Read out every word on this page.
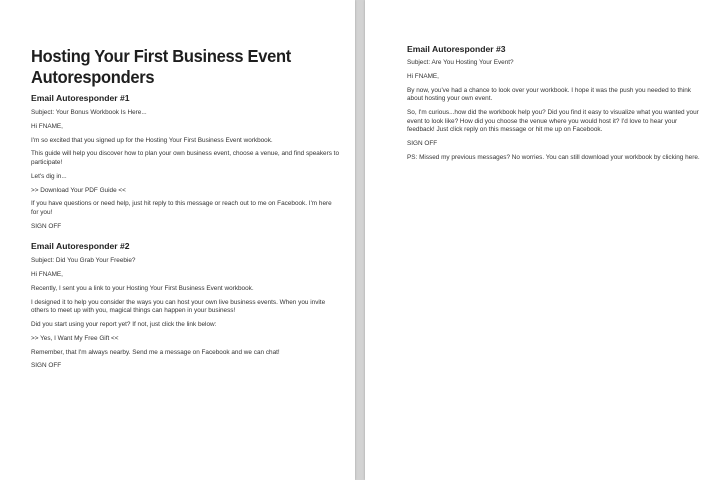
Hosting Your First Business Event Autoresponders
Email Autoresponder #1

Subject: Your Bonus Workbook Is Here...

Hi FNAME,

I'm so excited that you signed up for the Hosting Your First Business Event workbook.

This guide will help you discover how to plan your own business event, choose a venue, and find speakers to participate!

Let's dig in...

>> Download Your PDF Guide <<

If you have questions or need help, just hit reply to this message or reach out to me on Facebook. I'm here for you!

SIGN OFF

Email Autoresponder #2

Subject: Did You Grab Your Freebie?

Hi FNAME,

Recently, I sent you a link to your Hosting Your First Business Event workbook.

I designed it to help you consider the ways you can host your own live business events. When you invite others to meet up with you, magical things can happen in your business!

Did you start using your report yet? If not, just click the link below:

>> Yes, I Want My Free Gift <<

Remember, that I'm always nearby. Send me a message on Facebook and we can chat!

SIGN OFF

Email Autoresponder #3

Subject: Are You Hosting Your Event?

Hi FNAME,

By now, you've had a chance to look over your workbook. I hope it was the push you needed to think about hosting your own event.

So, I'm curious...how did the workbook help you? Did you find it easy to visualize what you wanted your event to look like? How did you choose the venue where you would host it? I'd love to hear your feedback! Just click reply on this message or hit me up on Facebook.

SIGN OFF

PS: Missed my previous messages? No worries. You can still download your workbook by clicking here.
